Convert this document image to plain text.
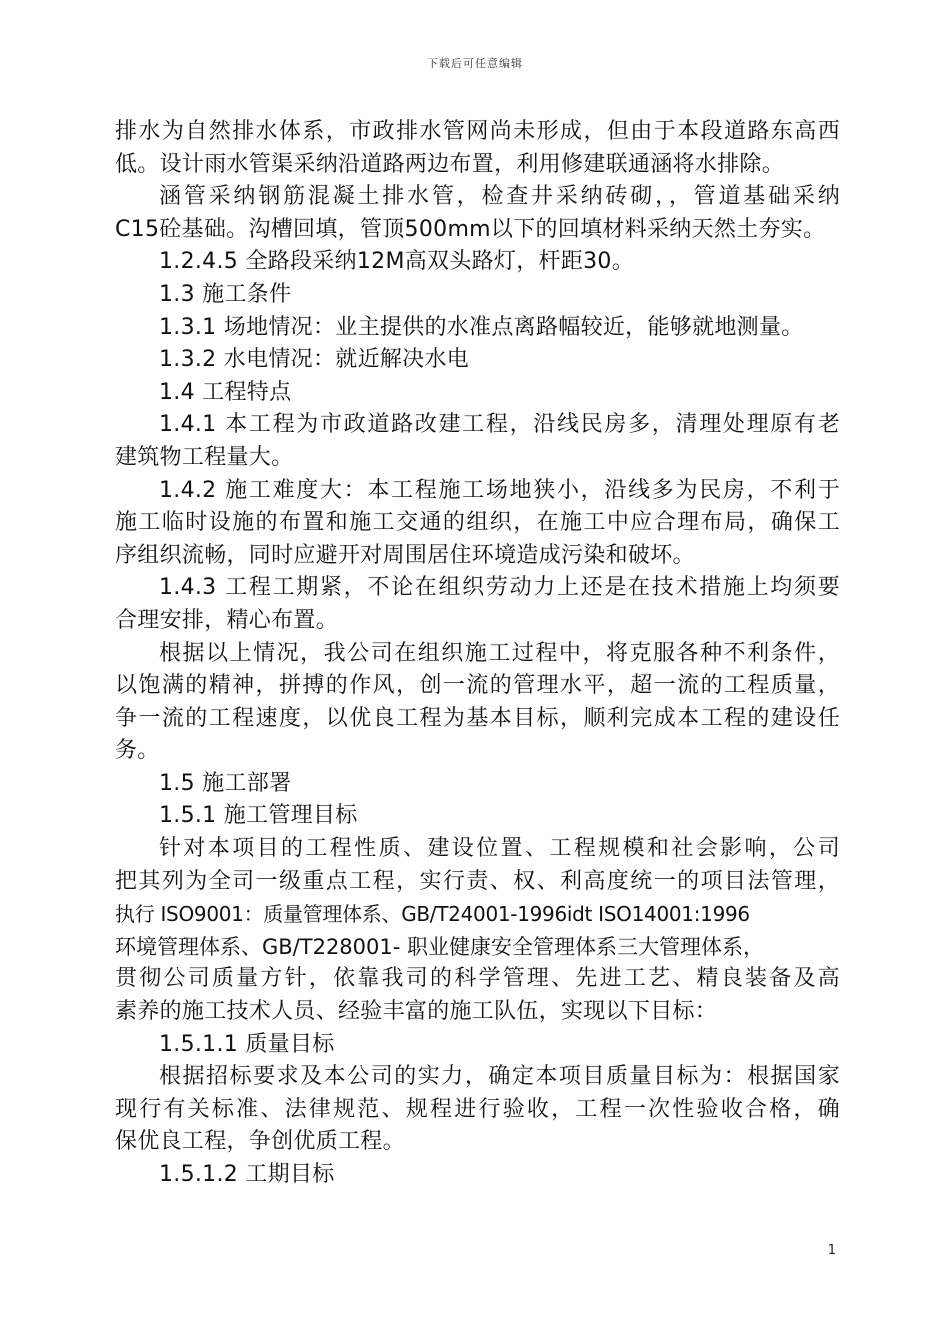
下载后可任意编辑
排水为自然排水体系，市政排水管网尚未形成，但由于本段道路东高西
低。设计雨水管渠采纳沿道路两边布置，利用修建联通涵将水排除。
涵管采纳钢筋混凝土排水管，检查井采纳砖砌，，管道基础采纳
C15砼基础。沟槽回填，管顶500mm以下的回填材料采纳天然土夯实。
1.2.4.5 全路段采纳12M高双头路灯，杆距30。
1.3 施工条件
1.3.1 场地情况：业主提供的水准点离路幅较近，能够就地测量。
1.3.2 水电情况：就近解决水电
1.4 工程特点
1.4.1 本工程为市政道路改建工程，沿线民房多，清理处理原有老
建筑物工程量大。
1.4.2 施工难度大：本工程施工场地狭小，沿线多为民房，不利于
施工临时设施的布置和施工交通的组织，在施工中应合理布局，确保工
序组织流畅，同时应避开对周围居住环境造成污染和破坏。
1.4.3 工程工期紧，不论在组织劳动力上还是在技术措施上均须要
合理安排，精心布置。
根据以上情况，我公司在组织施工过程中，将克服各种不利条件，
以饱满的精神，拼搏的作风，创一流的管理水平，超一流的工程质量，
争一流的工程速度，以优良工程为基本目标，顺利完成本工程的建设任
务。
1.5 施工部署
1.5.1 施工管理目标
针对本项目的工程性质、建设位置、工程规模和社会影响，公司
把其列为全司一级重点工程，实行责、权、利高度统一的项目法管理，
执行 ISO9001：质量管理体系、GB/T24001-1996idt ISO14001:1996
环境管理体系、GB/T228001- 职业健康安全管理体系三大管理体系，
贯彻公司质量方针，依靠我司的科学管理、先进工艺、精良装备及高
素养的施工技术人员、经验丰富的施工队伍，实现以下目标：
1.5.1.1 质量目标
根据招标要求及本公司的实力，确定本项目质量目标为：根据国家
现行有关标准、法律规范、规程进行验收，工程一次性验收合格，确
保优良工程，争创优质工程。
1.5.1.2 工期目标
1
